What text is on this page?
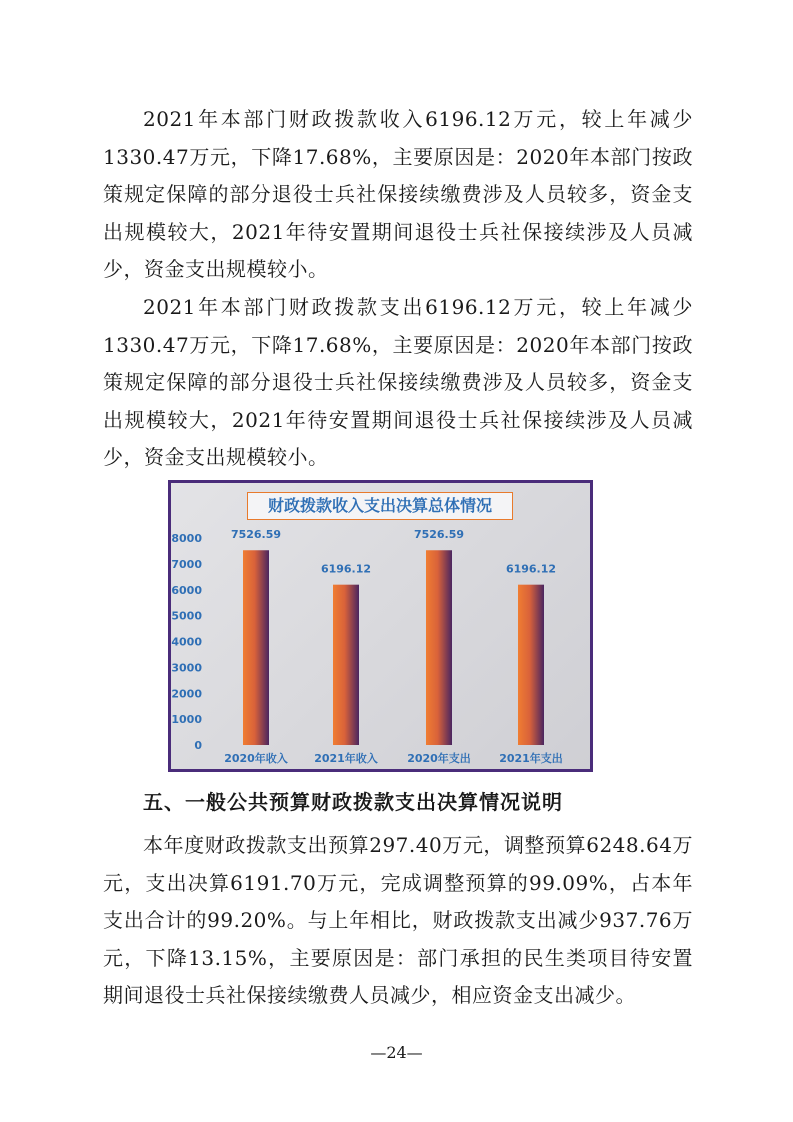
2021年本部门财政拨款收入6196.12万元，较上年减少1330.47万元，下降17.68%，主要原因是：2020年本部门按政策规定保障的部分退役士兵社保接续缴费涉及人员较多，资金支出规模较大，2021年待安置期间退役士兵社保接续涉及人员减少，资金支出规模较小。

2021年本部门财政拨款支出6196.12万元，较上年减少1330.47万元，下降17.68%，主要原因是：2020年本部门按政策规定保障的部分退役士兵社保接续缴费涉及人员较多，资金支出规模较大，2021年待安置期间退役士兵社保接续涉及人员减少，资金支出规模较小。

0
1000
2000
3000
4000
5000
6000
7000
8000	7526.59
6196.12
7526.59
6196.12
2020年收入 2021年收入	2020年支出	2021年支出
财政拨款收入支出决算总体情况
五、一般公共预算财政拨款支出决算情况说明

本年度财政拨款支出预算297.40万元，调整预算6248.64万元，支出决算6191.70万元，完成调整预算的99.09%，占本年支出合计的99.20%。与上年相比，财政拨款支出减少937.76万元，下降13.15%，主要原因是：部门承担的民生类项目待安置期间退役士兵社保接续缴费人员减少，相应资金支出减少。

—24—
